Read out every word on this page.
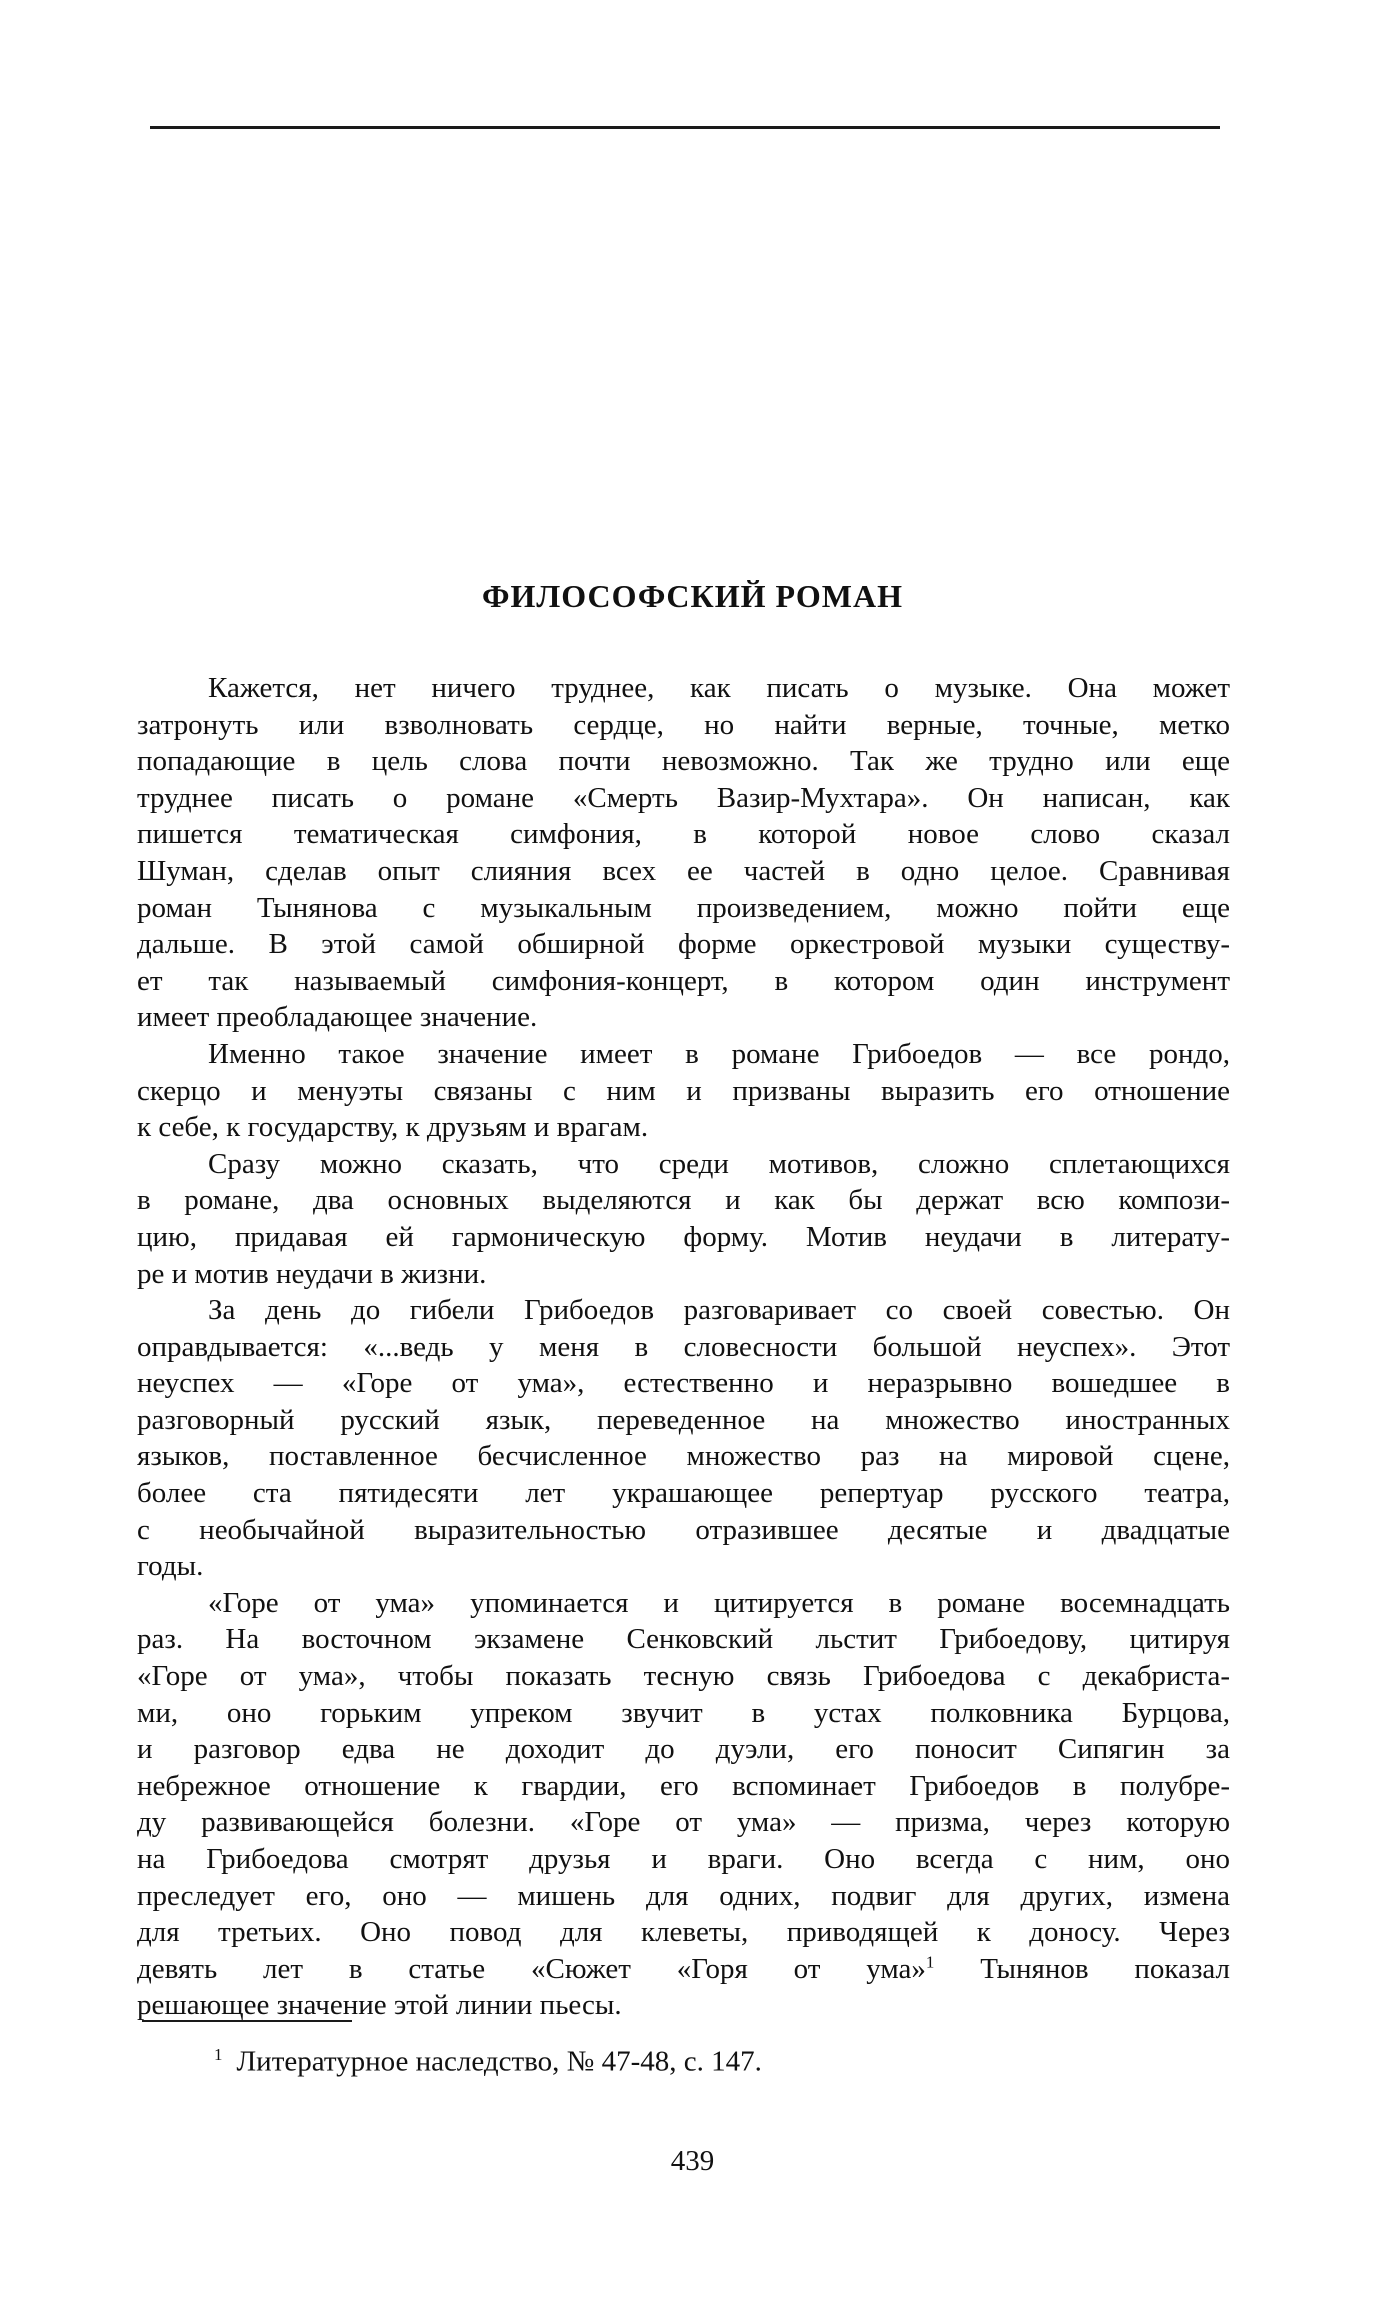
ФИЛОСОФСКИЙ РОМАН
Кажется, нет ничего труднее, как писать о музыке. Она может
затронуть или взволновать сердце, но найти верные, точные, метко
попадающие в цель слова почти невозможно. Так же трудно или еще
труднее писать о романе «Смерть Вазир-Мухтара». Он написан, как
пишется тематическая симфония, в которой новое слово сказал
Шуман, сделав опыт слияния всех ее частей в одно целое. Сравнивая
роман Тынянова с музыкальным произведением, можно пойти еще
дальше. В этой самой обширной форме оркестровой музыки существу-
ет так называемый симфония-концерт, в котором один инструмент
имеет преобладающее значение.
Именно такое значение имеет в романе Грибоедов — все рондо,
скерцо и менуэты связаны с ним и призваны выразить его отношение
к себе, к государству, к друзьям и врагам.
Сразу можно сказать, что среди мотивов, сложно сплетающихся
в романе, два основных выделяются и как бы держат всю компози-
цию, придавая ей гармоническую форму. Мотив неудачи в литерату-
ре и мотив неудачи в жизни.
За день до гибели Грибоедов разговаривает со своей совестью. Он
оправдывается: «...ведь у меня в словесности большой неуспех». Этот
неуспех — «Горе от ума», естественно и неразрывно вошедшее в
разговорный русский язык, переведенное на множество иностранных
языков, поставленное бесчисленное множество раз на мировой сцене,
более ста пятидесяти лет украшающее репертуар русского театра,
с необычайной выразительностью отразившее десятые и двадцатые
годы.
«Горе от ума» упоминается и цитируется в романе восемнадцать
раз. На восточном экзамене Сенковский льстит Грибоедову, цитируя
«Горе от ума», чтобы показать тесную связь Грибоедова с декабриста-
ми, оно горьким упреком звучит в устах полковника Бурцова,
и разговор едва не доходит до дуэли, его поносит Сипягин за
небрежное отношение к гвардии, его вспоминает Грибоедов в полубре-
ду развивающейся болезни. «Горе от ума» — призма, через которую
на Грибоедова смотрят друзья и враги. Оно всегда с ним, оно
преследует его, оно — мишень для одних, подвиг для других, измена
для третьих. Оно повод для клеветы, приводящей к доносу. Через
девять лет в статье «Сюжет «Горя от ума»$^1$ Тынянов показал
решающее значение этой линии пьесы.
$^1$ Литературное наследство, № 47-48, с. 147.
439
